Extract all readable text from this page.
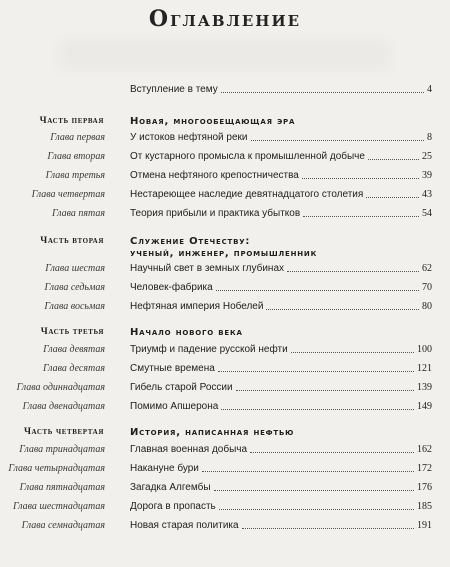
Оглавление
Вступление в тему	4
Часть первая	Новая, многообещающая эра
Глава первая	У истоков нефтяной реки	8
Глава вторая	От кустарного промысла к промышленной добыче	25
Глава третья	Отмена нефтяного крепостничества	39
Глава четвертая	Нестареющее наследие девятнадцатого столетия	43
Глава пятая	Теория прибыли и практика убытков	54
Часть вторая	Служение Отечеству:
ученый, инженер, промышленник
Глава шестая	Научный свет в земных глубинах	62
Глава седьмая	Человек-фабрика	70
Глава восьмая	Нефтяная империя Нобелей	80
Часть третья	Начало нового века
Глава девятая	Триумф и падение русской нефти	100
Глава десятая	Смутные времена	121
Глава одиннадцатая	Гибель старой России	139
Глава двенадцатая	Помимо Апшерона	149
Часть четвертая	История, написанная нефтью
Глава тринадцатая	Главная военная добыча	162
Глава четырнадцатая	Накануне бури	172
Глава пятнадцатая	Загадка Алгембы	176
Глава шестнадцатая	Дорога в пропасть	185
Глава семнадцатая	Новая старая политика	191
